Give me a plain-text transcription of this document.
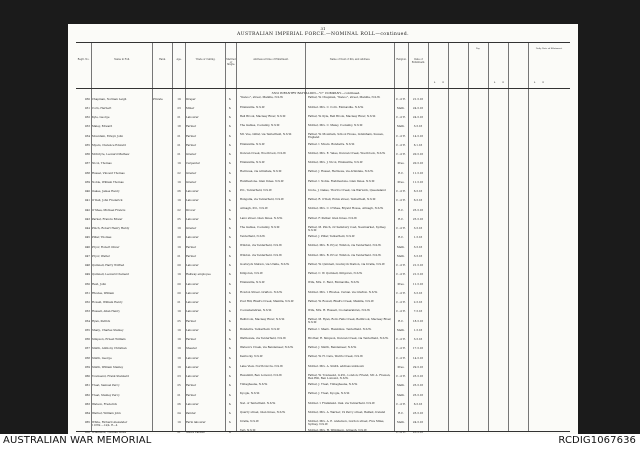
31
AUSTRALIAN IMPERIAL FORCE.—NOMINAL ROLL—continued.
Regtl. No.	Name in Full.	Rank.	Age.	Trade or Calling.	Married or Single.
Address at time of Enlistment.	Name of Next of Kin, and Address.	Religion.	Date of Enlistment.
Pay.	Daily Rate of Allotment.
s.	d.	s.	d.	s.	d.
33rd INFANTRY BATTALION—"C" COMPANY—continued.
930 Chapman, Norman Leigh	Private	19	Draper	S.	"Kanoo", street, Manilla, N.S.W.	Father, W. Chapman, "Kanoo", street, Manilla, N.S.W.	C. of E.	21.3.16
931 Corn, Herbert	23	Miner	S.	Emmaville, N.S.W.	Mother, Mrs. C. Corn, Emmaville, N.S.W.	Meth.	24.3.16
932 Kyle, George	21	Labourer	S.	Bell Brook, Macleay River, N.S.W.	Father, W. Kyle, Bell Brook, Macleay River, N.S.W.	C. of E.	24.3.16
933 Maley, Edward	18	Farmer	S.	The Gables, Coolanby, N.S.W.	Mother, Mrs. C. Maley, Coolanby, N.S.W.	Meth.	3.3.16
934 Mountain, Edwyn John	21	Farmer	S.	Mt. Vue, Gilfar, via Tenterfield, N.S.W.	Father, W. Mountain, School House, Lidsinham, Sussex, England	C. of E.	14.3.16
935 Myers, Clarence Edward	21	Farmer	S.	Emmaville, N.S.W.	Father, J. Myers, Bundarra, N.S.W.	C. of E.	6.1.16
936 McIntyre, Leonard Mathew	21	Grazier	S.	Duncan Creek, Woolbrook, N.S.W.	Mother, Mrs. E. Yates, Duncan Creek, Woolbrook, N.S.W.	C. of E.	20.3.16
937 Nicol, Thomas	19	Carpenter	S.	Emmaville, N.S.W.	Mother, Mrs. J. Nicol, Emmaville, N.S.W.	Pres.	20.3.16
938 Russel, Vincent Thomas	22	Grazier	S.	Hermosa, via Armidale, N.S.W.	Father, J. Russel, Hermosa, via Armidale, N.S.W.	R.C.	11.3.16
939 Noble, William Thomas	19	Grazier	S.	Ruddlestone, Glen Innes, N.S.W.	Father, J. Noble, Ruddlestone, Glen Innes, N.S.W.	Pres.	11.3.16
940 Oakes, James Henry	26	Labourer	S.	P.O., Tenterfield, N.S.W.	Uncle, J. Oakes, Thorn's Creek, via Warwick, Queensland	C. of E.	6.3.16
941 O'Dell, John Frederick	19	Labourer	S.	Bungulla, via Tenterfield, N.S.W.	Father, R. O'Dell, Ennis street, Tenterfield, N.S.W.	C. of E.	6.3.16
942 O'Shea, Michael Francis	22	Drover	S.	Armagh, P.O., N.S.W.	Mother, Mrs. C. O'Shea, Bryant House, Armagh, N.S.W.	R.C.	25.3.16
943 Parker, Francis Edwar	25	Labourer	S.	Lang street, Glen Innes, N.S.W.	Father, F. Parker, Glen Innes, N.S.W.	R.C.	25.3.16
944 Pinch, Robert Henry Hardy	19	Grazier	S.	The Gables, Coolanby, N.S.W.	Father, M. Pinch, 22 Salisbury road, Newmarket, Sydney, N.S.W.	C. of E.	3.3.16
945 Pillar, Thomas	20	Labourer	S.	Tenterfield, N.S.W.	Father, J. Pillar, Tenterfield, N.S.W.	R.C.	1.3.16
946 Pryor, Robert Oliver	19	Farmer	S.	Wilston, via Tenterfield, N.S.W.	Mother, Mrs. B. Pryor, Wilston, via Tenterfield, N.S.W.	Meth.	3.3.16
947 Pryor, Walter	21	Farmer	S.	Wilston, via Tenterfield, N.S.W.	Mother, Mrs. B. Pryor, Wilston, via Tenterfield, N.S.W.	Meth.	3.3.16
948 Quinnell, Harry Wilfred	20	Labourer	S.	Gostwyck Station, via Uralla, N.S.W.	Father, W. Quinnell, Gostwyck Station, via Uralla, N.S.W.	C. of E.	21.3.16
949 Quinnell, Leonard Clement	19	Railway employee	S.	Killgoren, N.S.W.	Father, C. W. Quinnell, Killgoren, N.S.W.	C. of E.	21.3.16
950 Reid, John	20	Labourer	S.	Emmaville, N.S.W.	Wife, Mrs. C. Reid, Emmaville, N.S.W.	Pres.	11.3.16
951 Rhodes, William	20	Labourer	S.	Rowton Street, Grafton, N.S.W.	Mother, Mrs. J. Rhodes, Cargai, via Grafton, N.S.W.	C. of E.	3.3.16
952 Rowell, William Henry	21	Labourer	S.	Post Hill, Rhall's Creek, Manilla, N.S.W.	Father, W. Rowell, Rhall's Creek, Manilla, N.S.W.	C. of E.	2.3.16
953 Russell, Allan Henry	19	Labourer	S.	Coonabarabran, N.S.W.	Wife, Mrs. H. Russell, Coonabarabran, N.S.W.	C. of E.	7.3.16
954 Ryan, Patrick	25	Farmer	S.	Bellbrook, Macleay River, N.S.W.	Father, M. Ryan, Rollo Falls Creek, Bellbrook, Macleay River, N.S.W.	R.C.	18.3.16
955 Sharp, Charles Stanley	19	Labourer	S.	Bundarra, Tenterfield, N.S.W.	Father, J. Sharp, Hawkings, Tenterfield, N.S.W.	Meth.	1.3.16
956 Simpson, Ernest William	19	Farmer	S.	Wattlevale, via Tenterfield, N.S.W.	Brother, R. Simpson, Duncan Creek, via Tenterfield, N.S.W.	C. of E.	3.3.16
957 Smith, Anthony Christian	19	Shearer	S.	Watson's Creek, via Bendemeer, N.S.W.	Father, J. Smith, Bendemeer, N.S.W.	C. of E.	17.3.16
958 Smith, George	19	Labourer	S.	Kentucky, N.S.W.	Father, W. H. Care, Werris Creek, N.S.W.	C. of E.	14.3.16
959 Smith, William Stanley	19	Labourer	S.	Lake View, North Guyra, N.S.W.	Mother, Mrs. A. Smith, address unknown	Pres.	29.3.16
960 Townsend, Frank Stannard	23	Labourer	S.	Ravenhill, Ben Lomond, N.S.W.	Father, W. Townsend, G.P.O., London; Friend, Mr. A. Frewen, Ben Hill, Ben Lomond, N.S.W.	C. of E.	23.3.16
961 Treat, Samuel Percy	25	Farmer	S.	Tintagheena, N.S.W.	Father, J. Treat, Tintagheena, N.S.W.	Meth.	25.3.16
962 Treat, Stanley Percy	21	Farmer	S.	Kyogle, N.S.W.	Father, J. Treat, Kyogle, N.S.W.	Meth.	25.3.16
963 Watson, Frederick	26	Labourer	S.	Nat. of Tenterfield, N.S.W.	Mother, J. Frankland, Oak, via Tenterfield, N.S.W.	C. of E.	6.3.16
964 Warner, William John	24	Painter	S.	Quarry street, Glen Innes, N.S.W.	Mother, Mrs. A. Warner, 19 Percy street, Belfast, Ireland	R.C.	23.3.16
965 White, Richard Alexander	19	Farm labourer	S.	Uralla, N.S.W.	Mother, Mrs. A. E. Anderson, Gordon street, Five Miles, Sydney, N.S.W.	Meth.	24.3.16
966 Wilkinson, Thomas Rowe	21	Shore Farmer	S.	Teri, N.S.W.	Mother, Mrs. H. Wilkinson, Armagh, N.S.W.	C. of E.	23.3.16
11869.—14/4. R—4
AUSTRALIAN WAR MEMORIAL	RCDIG1067636
